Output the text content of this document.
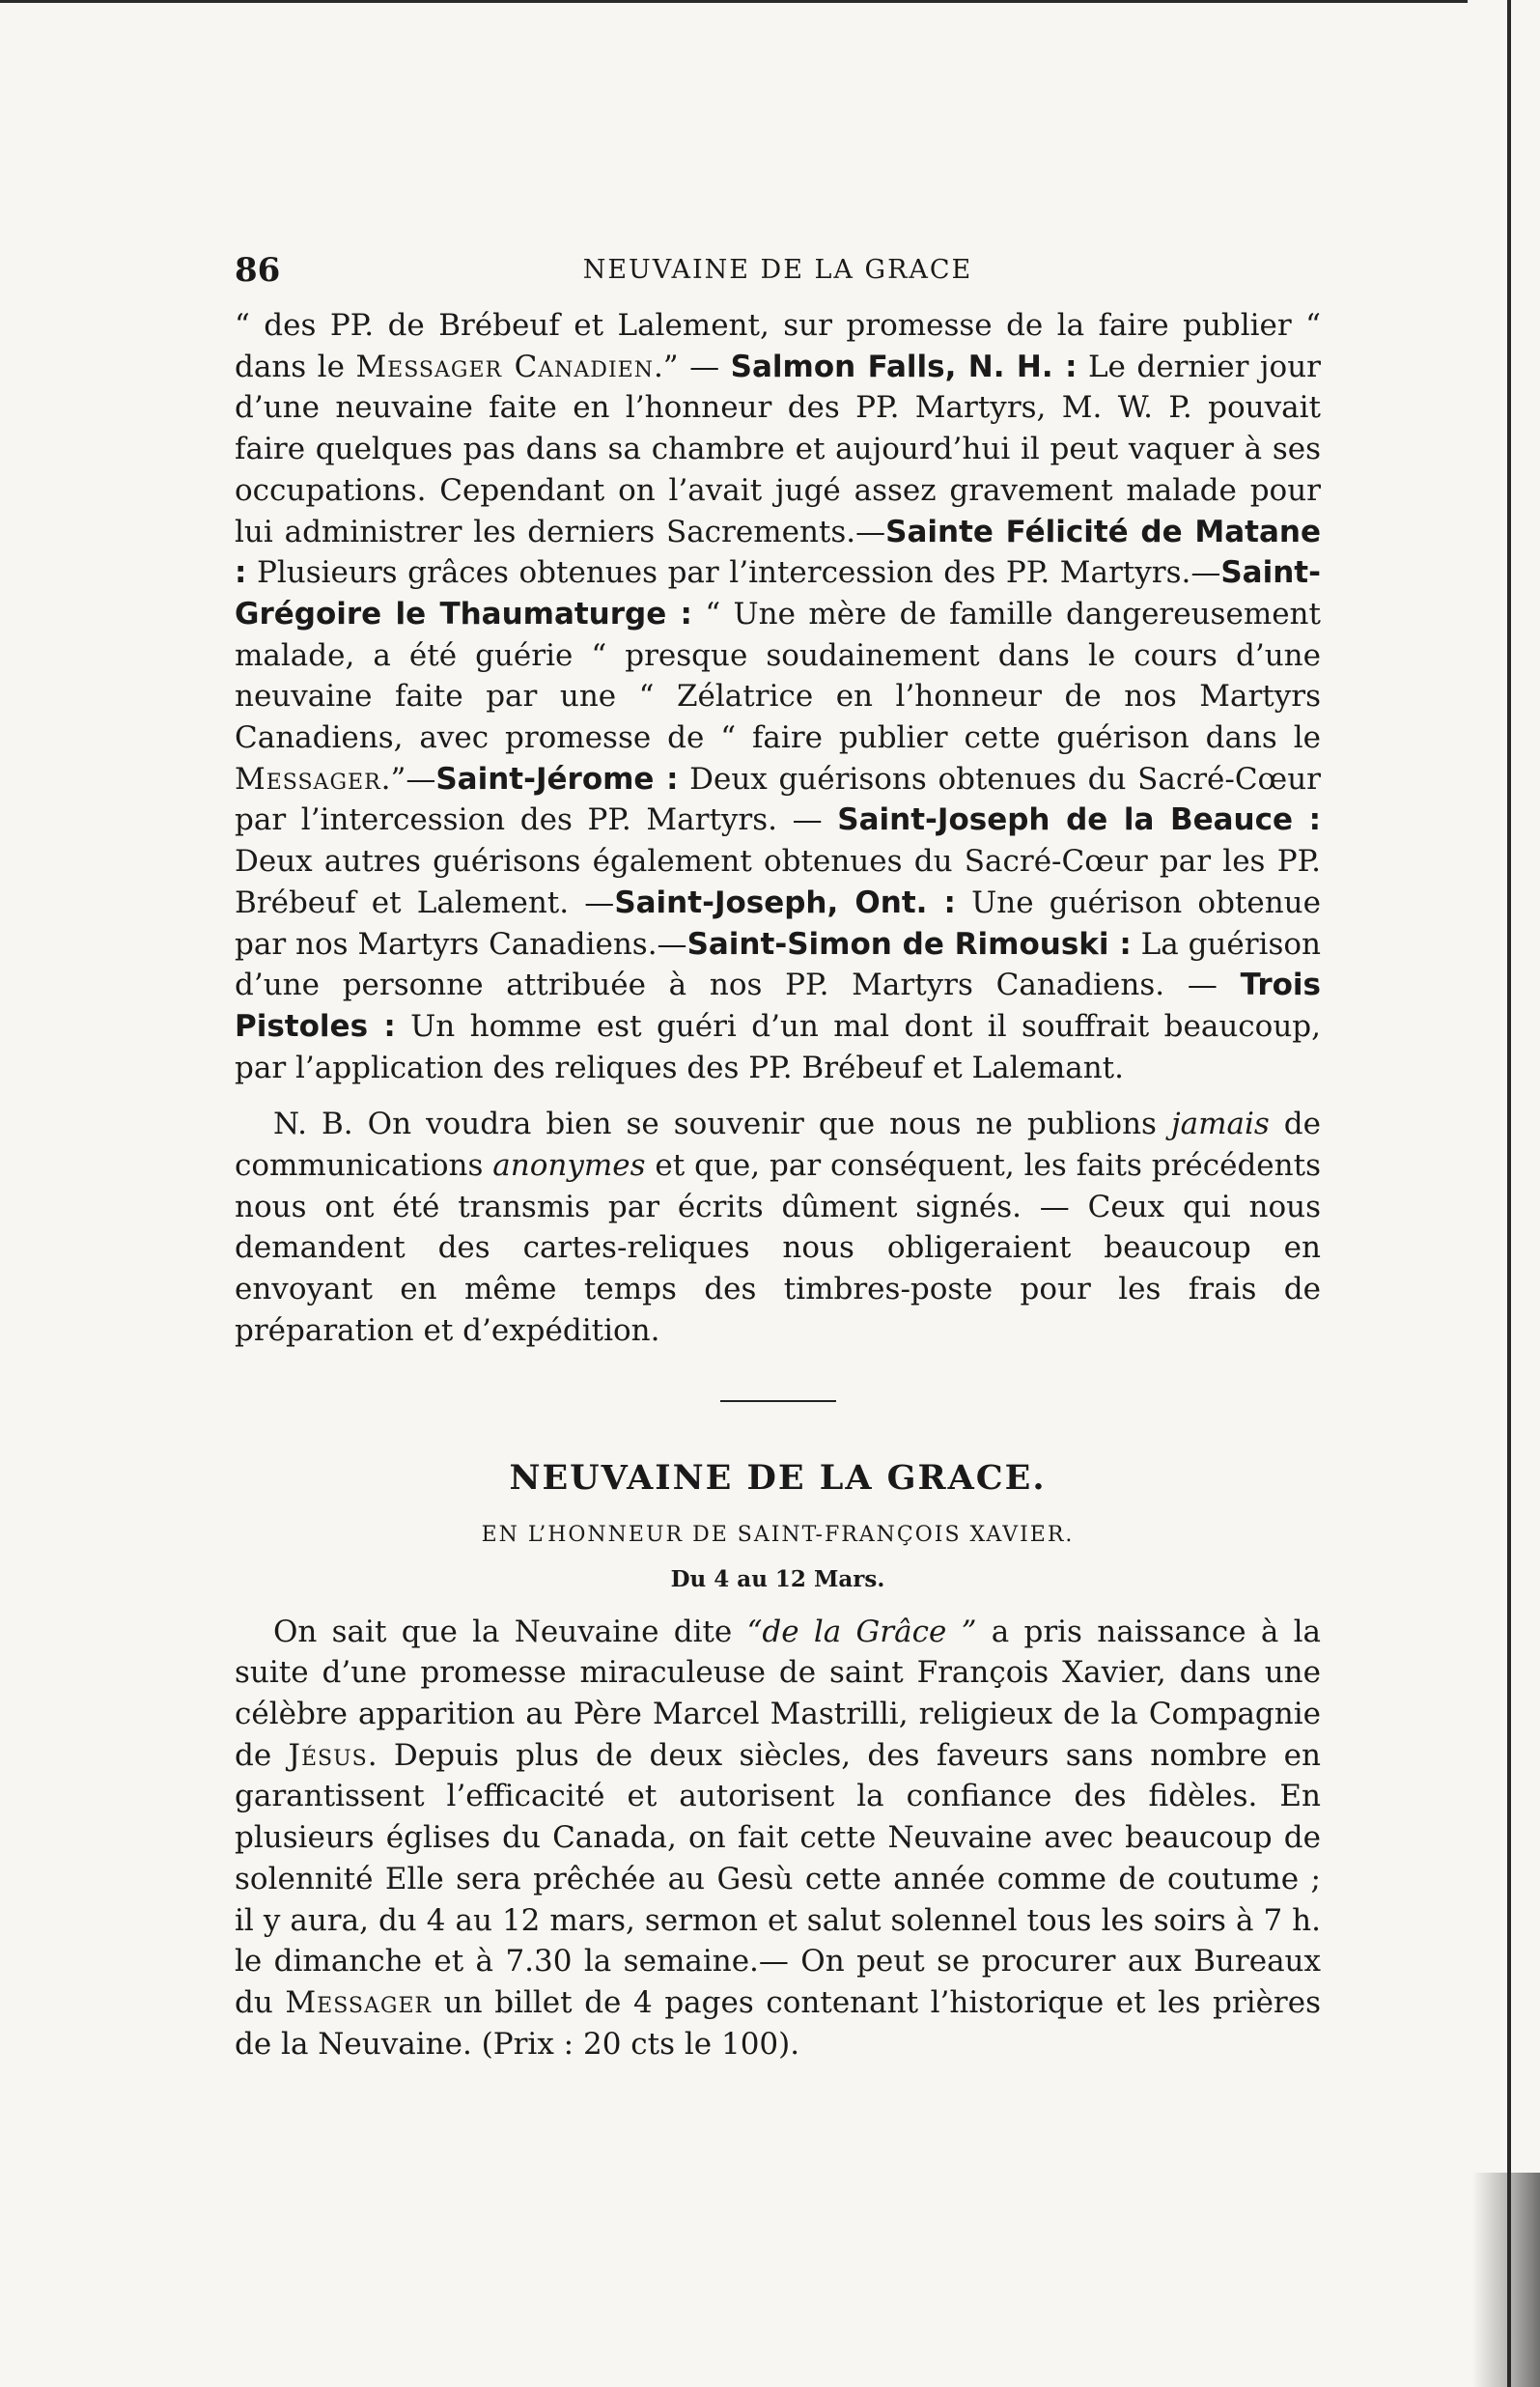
86	NEUVAINE DE LA GRACE

“ des PP. de Brébeuf et Lalement, sur promesse de la faire publier “ dans le Messager Canadien.” — Salmon Falls, N. H. : Le dernier jour d’une neuvaine faite en l’honneur des PP. Martyrs, M. W. P. pouvait faire quelques pas dans sa chambre et aujourd’hui il peut vaquer à ses occupations. Cependant on l’avait jugé assez gravement malade pour lui administrer les derniers Sacrements.—Sainte Félicité de Matane : Plusieurs grâces obtenues par l’intercession des PP. Martyrs.—Saint-Grégoire le Thaumaturge : “ Une mère de famille dangereusement malade, a été guérie “ presque soudainement dans le cours d’une neuvaine faite par une “ Zélatrice en l’honneur de nos Martyrs Canadiens, avec promesse de “ faire publier cette guérison dans le Messager.”—Saint-Jérome : Deux guérisons obtenues du Sacré-Cœur par l’intercession des PP. Martyrs. — Saint-Joseph de la Beauce : Deux autres guérisons également obtenues du Sacré-Cœur par les PP. Brébeuf et Lalement. —Saint-Joseph, Ont. : Une guérison obtenue par nos Martyrs Canadiens.—Saint-Simon de Rimouski : La guérison d’une personne attribuée à nos PP. Martyrs Canadiens. — Trois Pistoles : Un homme est guéri d’un mal dont il souffrait beaucoup, par l’application des reliques des PP. Brébeuf et Lalemant.

N. B. On voudra bien se souvenir que nous ne publions jamais de communications anonymes et que, par conséquent, les faits précédents nous ont été transmis par écrits dûment signés. — Ceux qui nous demandent des cartes-reliques nous obligeraient beaucoup en envoyant en même temps des timbres-poste pour les frais de préparation et d’expédition.

NEUVAINE DE LA GRACE.
EN L’HONNEUR DE SAINT-FRANÇOIS XAVIER.
Du 4 au 12 Mars.

On sait que la Neuvaine dite “de la Grâce ” a pris naissance à la suite d’une promesse miraculeuse de saint François Xavier, dans une célèbre apparition au Père Marcel Mastrilli, religieux de la Compagnie de Jésus. Depuis plus de deux siècles, des faveurs sans nombre en garantissent l’efficacité et autorisent la confiance des fidèles. En plusieurs églises du Canada, on fait cette Neuvaine avec beaucoup de solennité Elle sera prêchée au Gesù cette année comme de coutume ; il y aura, du 4 au 12 mars, sermon et salut solennel tous les soirs à 7 h. le dimanche et à 7.30 la semaine.— On peut se procurer aux Bureaux du Messager un billet de 4 pages contenant l’historique et les prières de la Neuvaine. (Prix : 20 cts le 100).
